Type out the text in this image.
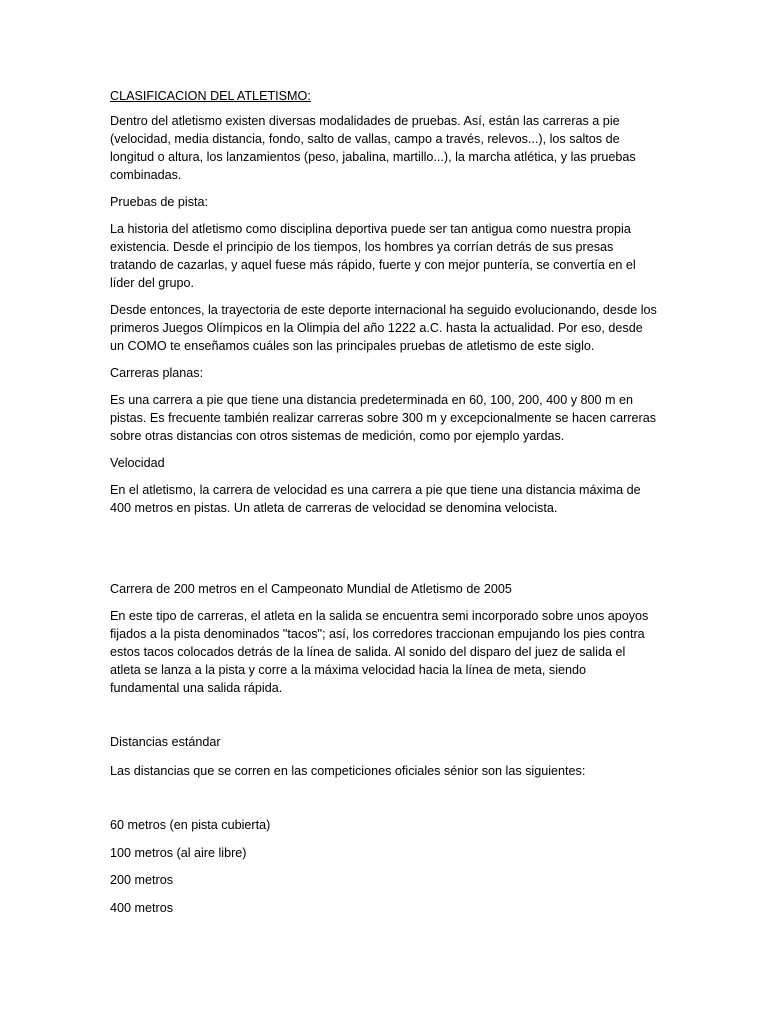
CLASIFICACION DEL ATLETISMO:

Dentro del atletismo existen diversas modalidades de pruebas. Así, están las carreras a pie (velocidad, media distancia, fondo, salto de vallas, campo a través, relevos...), los saltos de longitud o altura, los lanzamientos (peso, jabalina, martillo...), la marcha atlética, y las pruebas combinadas.

Pruebas de pista:

La historia del atletismo como disciplina deportiva puede ser tan antigua como nuestra propia existencia. Desde el principio de los tiempos, los hombres ya corrían detrás de sus presas tratando de cazarlas, y aquel fuese más rápido, fuerte y con mejor puntería, se convertía en el líder del grupo.

Desde entonces, la trayectoria de este deporte internacional ha seguido evolucionando, desde los primeros Juegos Olímpicos en la Olimpia del año 1222 a.C. hasta la actualidad. Por eso, desde un COMO te enseñamos cuáles son las principales pruebas de atletismo de este siglo.

Carreras planas:

Es una carrera a pie que tiene una distancia predeterminada en 60, 100, 200, 400 y 800 m en pistas. Es frecuente también realizar carreras sobre 300 m y excepcionalmente se hacen carreras sobre otras distancias con otros sistemas de medición, como por ejemplo yardas.

Velocidad

En el atletismo, la carrera de velocidad es una carrera a pie que tiene una distancia máxima de 400 metros en pistas. Un atleta de carreras de velocidad se denomina velocista.

Carrera de 200 metros en el Campeonato Mundial de Atletismo de 2005

En este tipo de carreras, el atleta en la salida se encuentra semi incorporado sobre unos apoyos fijados a la pista denominados "tacos"; así, los corredores traccionan empujando los pies contra estos tacos colocados detrás de la línea de salida. Al sonido del disparo del juez de salida el atleta se lanza a la pista y corre a la máxima velocidad hacia la línea de meta, siendo fundamental una salida rápida.

Distancias estándar

Las distancias que se corren en las competiciones oficiales sénior son las siguientes:

60 metros (en pista cubierta)

100 metros (al aire libre)

200 metros

400 metros
